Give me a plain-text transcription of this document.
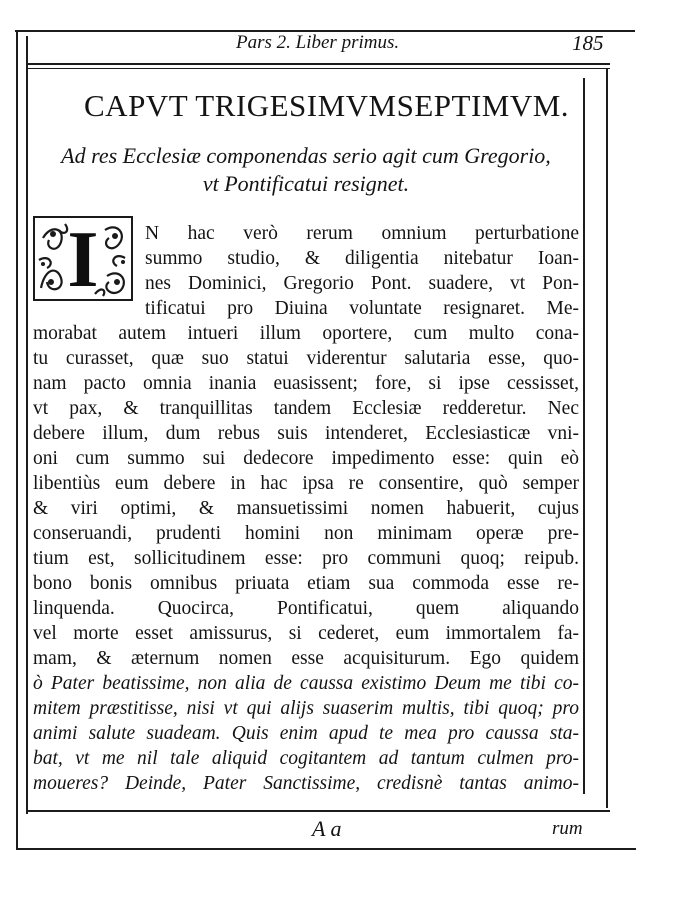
Pars 2. Liber primus.	185
CAPVT TRIGESIMVMSEPTIMVM.
Ad res Ecclesiæ componendas serio agit cum Gregorio,
vt Pontificatui resignet.
I	N hac verò rerum omnium perturbatione
summo studio, & diligentia nitebatur Ioan-
nes Dominici, Gregorio Pont. suadere, vt Pon-
tificatui pro Diuina voluntate resignaret. Me-
morabat autem intueri illum oportere, cum multo cona-
tu curasset, quæ suo statui viderentur salutaria esse, quo-
nam pacto omnia inania euasissent; fore, si ipse cessisset,
vt pax, & tranquillitas tandem Ecclesiæ redderetur. Nec
debere illum, dum rebus suis intenderet, Ecclesiasticæ vni-
oni cum summo sui dedecore impedimento esse: quin eò
libentiùs eum debere in hac ipsa re consentire, quò semper
& viri optimi, & mansuetissimi nomen habuerit, cujus
conseruandi, prudenti homini non minimam operæ pre-
tium est, sollicitudinem esse: pro communi quoq; reipub.
bono bonis omnibus priuata etiam sua commoda esse re-
linquenda. Quocirca, Pontificatui, quem aliquando
vel morte esset amissurus, si cederet, eum immortalem fa-
mam, & æternum nomen esse acquisiturum. Ego quidem
ò Pater beatissime, non alia de caussa existimo Deum me tibi co-
mitem præstitisse, nisi vt qui alijs suaserim multis, tibi quoq; pro
animi salute suadeam. Quis enim apud te mea pro caussa sta-
bat, vt me nil tale aliquid cogitantem ad tantum culmen pro-
moueres? Deinde, Pater Sanctissime, credisnè tantas animo-
A a	rum
